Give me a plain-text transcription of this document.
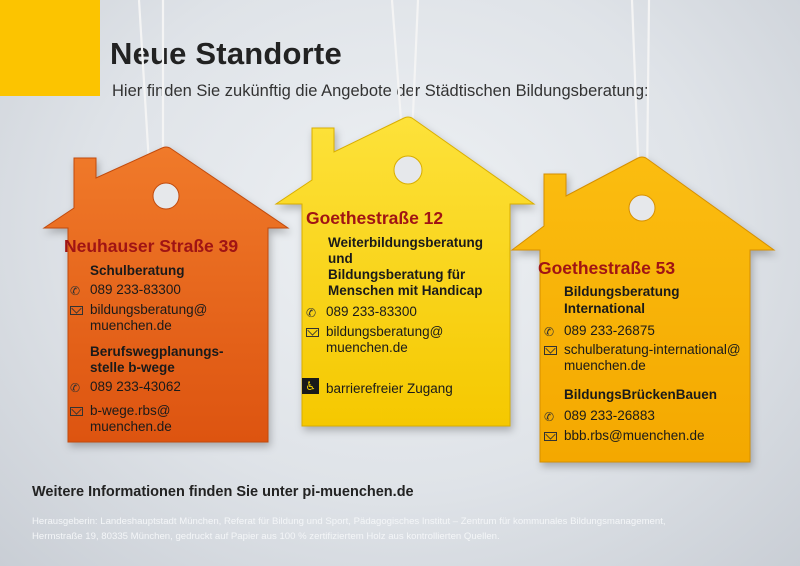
Neue Standorte
Hier finden Sie zukünftig die Angebote der Städtischen Bildungsberatung:
Neuhauser Straße 39
Schulberatung
✆ 089 233-83300
bildungsberatung@
muenchen.de
Berufswegplanungs-
stelle b-wege
✆ 089 233-43062
b-wege.rbs@
muenchen.de
Goethestraße 12
Weiterbildungsberatung
und
Bildungsberatung für
Menschen mit Handicap
✆ 089 233-83300
bildungsberatung@
muenchen.de
♿ barrierefreier Zugang
Goethestraße 53
Bildungsberatung
International
✆ 089 233-26875
schulberatung-international@
muenchen.de
BildungsBrückenBauen
✆ 089 233-26883
bbb.rbs@muenchen.de
Weitere Informationen finden Sie unter pi-muenchen.de
Herausgeberin: Landeshauptstadt München, Referat für Bildung und Sport, Pädagogisches Institut – Zentrum für kommunales Bildungsmanagement,
Hermstraße 19, 80335 München, gedruckt auf Papier aus 100 % zertifiziertem Holz aus kontrollierten Quellen.
